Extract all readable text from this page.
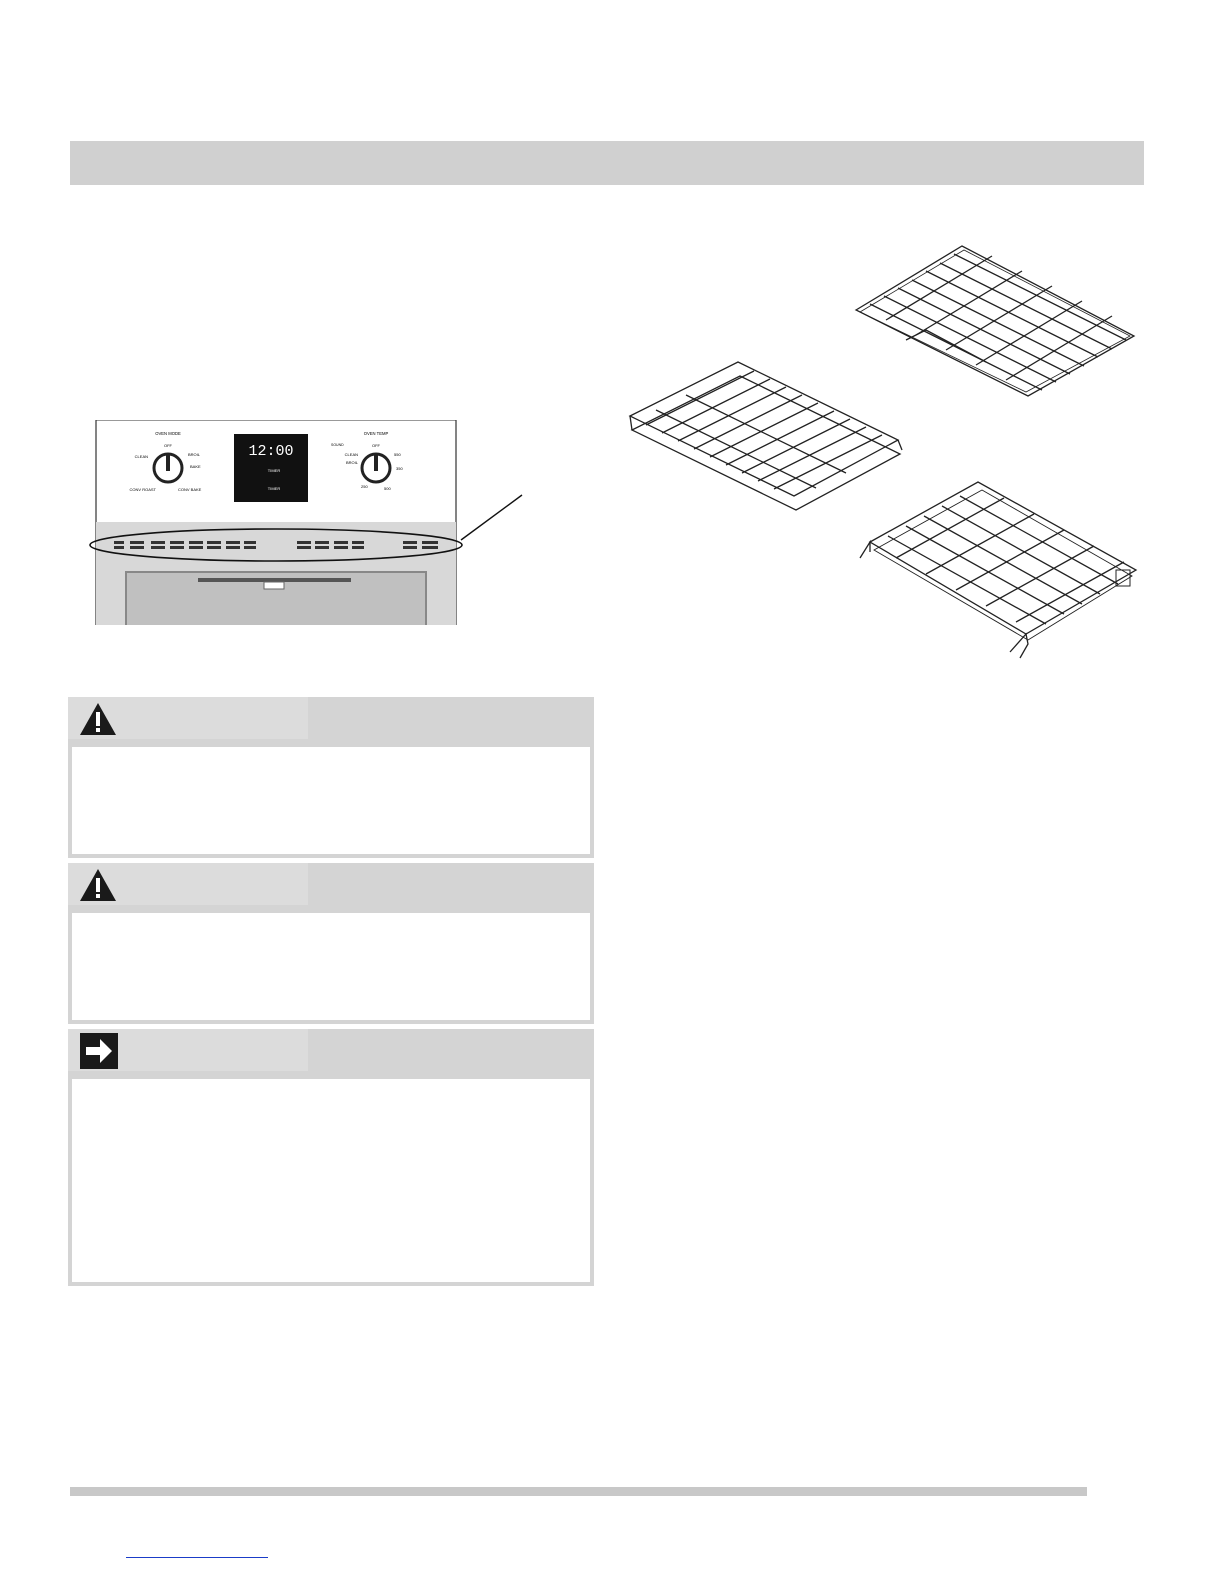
OVEN MODE
OFF
CLEAN	BROIL
BAKE
CONV BAKE
CONV ROAST
12:00
TIMER
TIMER
SOUND
OVEN TEMP
OFF
CLEAN
BROIL
550
350
250	500
